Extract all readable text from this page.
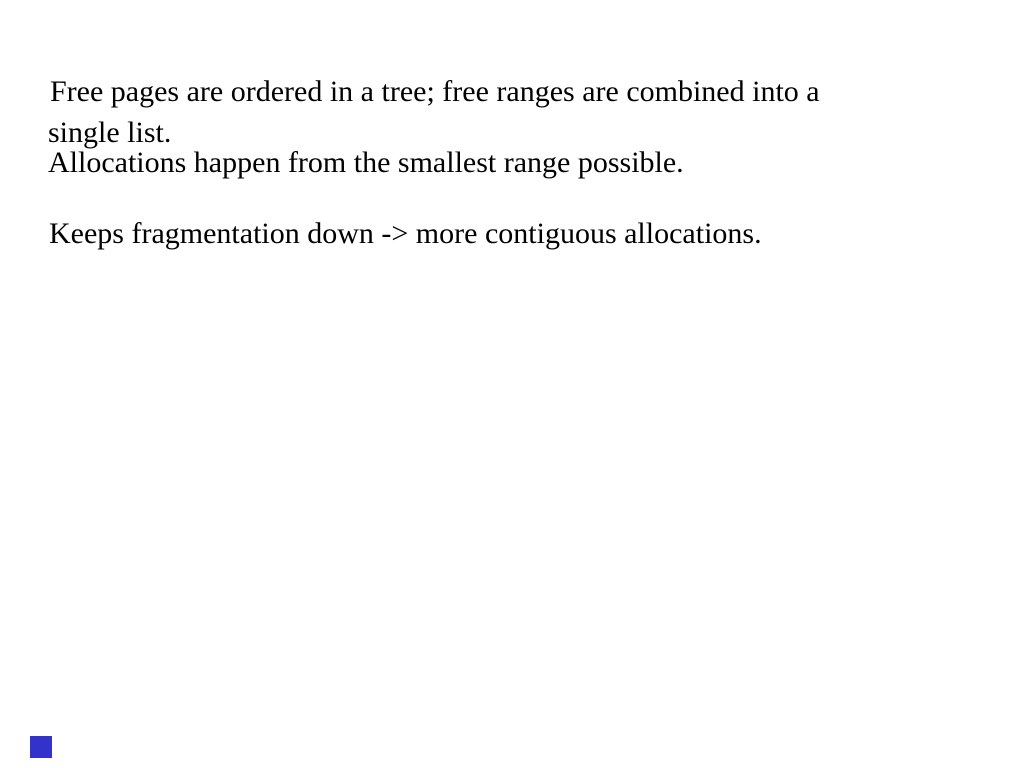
Free pages are ordered in a tree; free ranges are combined into a
single list.
Allocations happen from the smallest range possible.
Keeps fragmentation down -> more contiguous allocations.
